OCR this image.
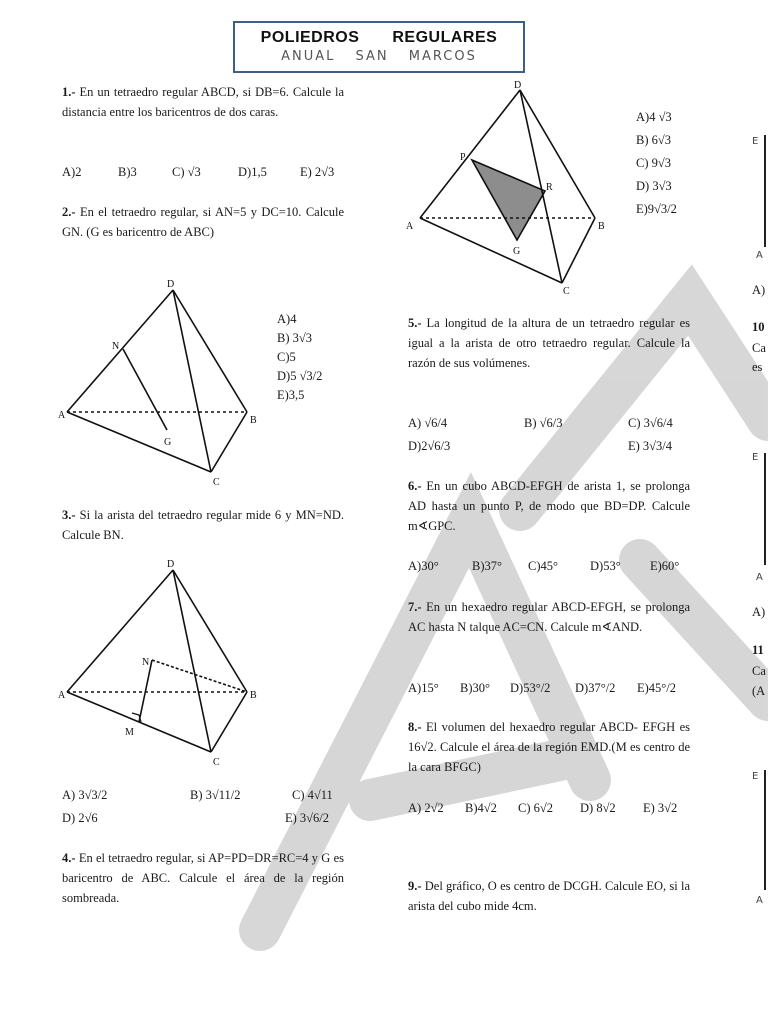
POLIEDROS REGULARES
ANUAL SAN MARCOS
1.- En un tetraedro regular ABCD, si DB=6. Calcule la distancia entre los baricentros de dos caras.
A)2	B)3	C) √3	D)1,5	E) 2√3
2.- En el tetraedro regular, si AN=5 y DC=10. Calcule GN. (G es baricentro de ABC)
D
N
A
G
B
C
A)4
B) 3√3
C)5
D)5 √3/2
E)3,5
3.- Si la arista del tetraedro regular mide 6 y MN=ND. Calcule BN.
D
N
A	B
M
C
A) 3√3/2	B) 3√11/2	C) 4√11
D) 2√6	E) 3√6/2
4.- En el tetraedro regular, si AP=PD=DR=RC=4 y G es baricentro de ABC. Calcule el área de la región sombreada.
D
P
R
A	B
G
C
A)4 √3
B) 6√3
C) 9√3
D) 3√3
E)9√3/2
5.- La longitud de la altura de un tetraedro regular es igual a la arista de otro tetraedro regular. Calcule la razón de sus volúmenes.
A) √6/4	B) √6/3	C) 3√6/4
D)2√6/3	E) 3√3/4
6.- En un cubo ABCD-EFGH de arista 1, se prolonga AD hasta un punto P, de modo que BD=DP. Calcule m∢GPC.
A)30°	B)37° C)45°	D)53° E)60°
7.- En un hexaedro regular ABCD-EFGH, se prolonga AC hasta N talque AC=CN. Calcule m∢AND.
A)15° B)30° D)53°/2 D)37°/2 E)45°/2
8.- El volumen del hexaedro regular ABCD- EFGH es 16√2. Calcule el área de la región EMD.(M es centro de la cara BFGC)
A) 2√2 B)4√2 C) 6√2 D) 8√2 E) 3√2
9.- Del gráfico, O es centro de DCGH. Calcule EO, si la arista del cubo mide 4cm.
E
A
A)
10
Ca
es
E
A
A)
11
Ca
(A
E
A
